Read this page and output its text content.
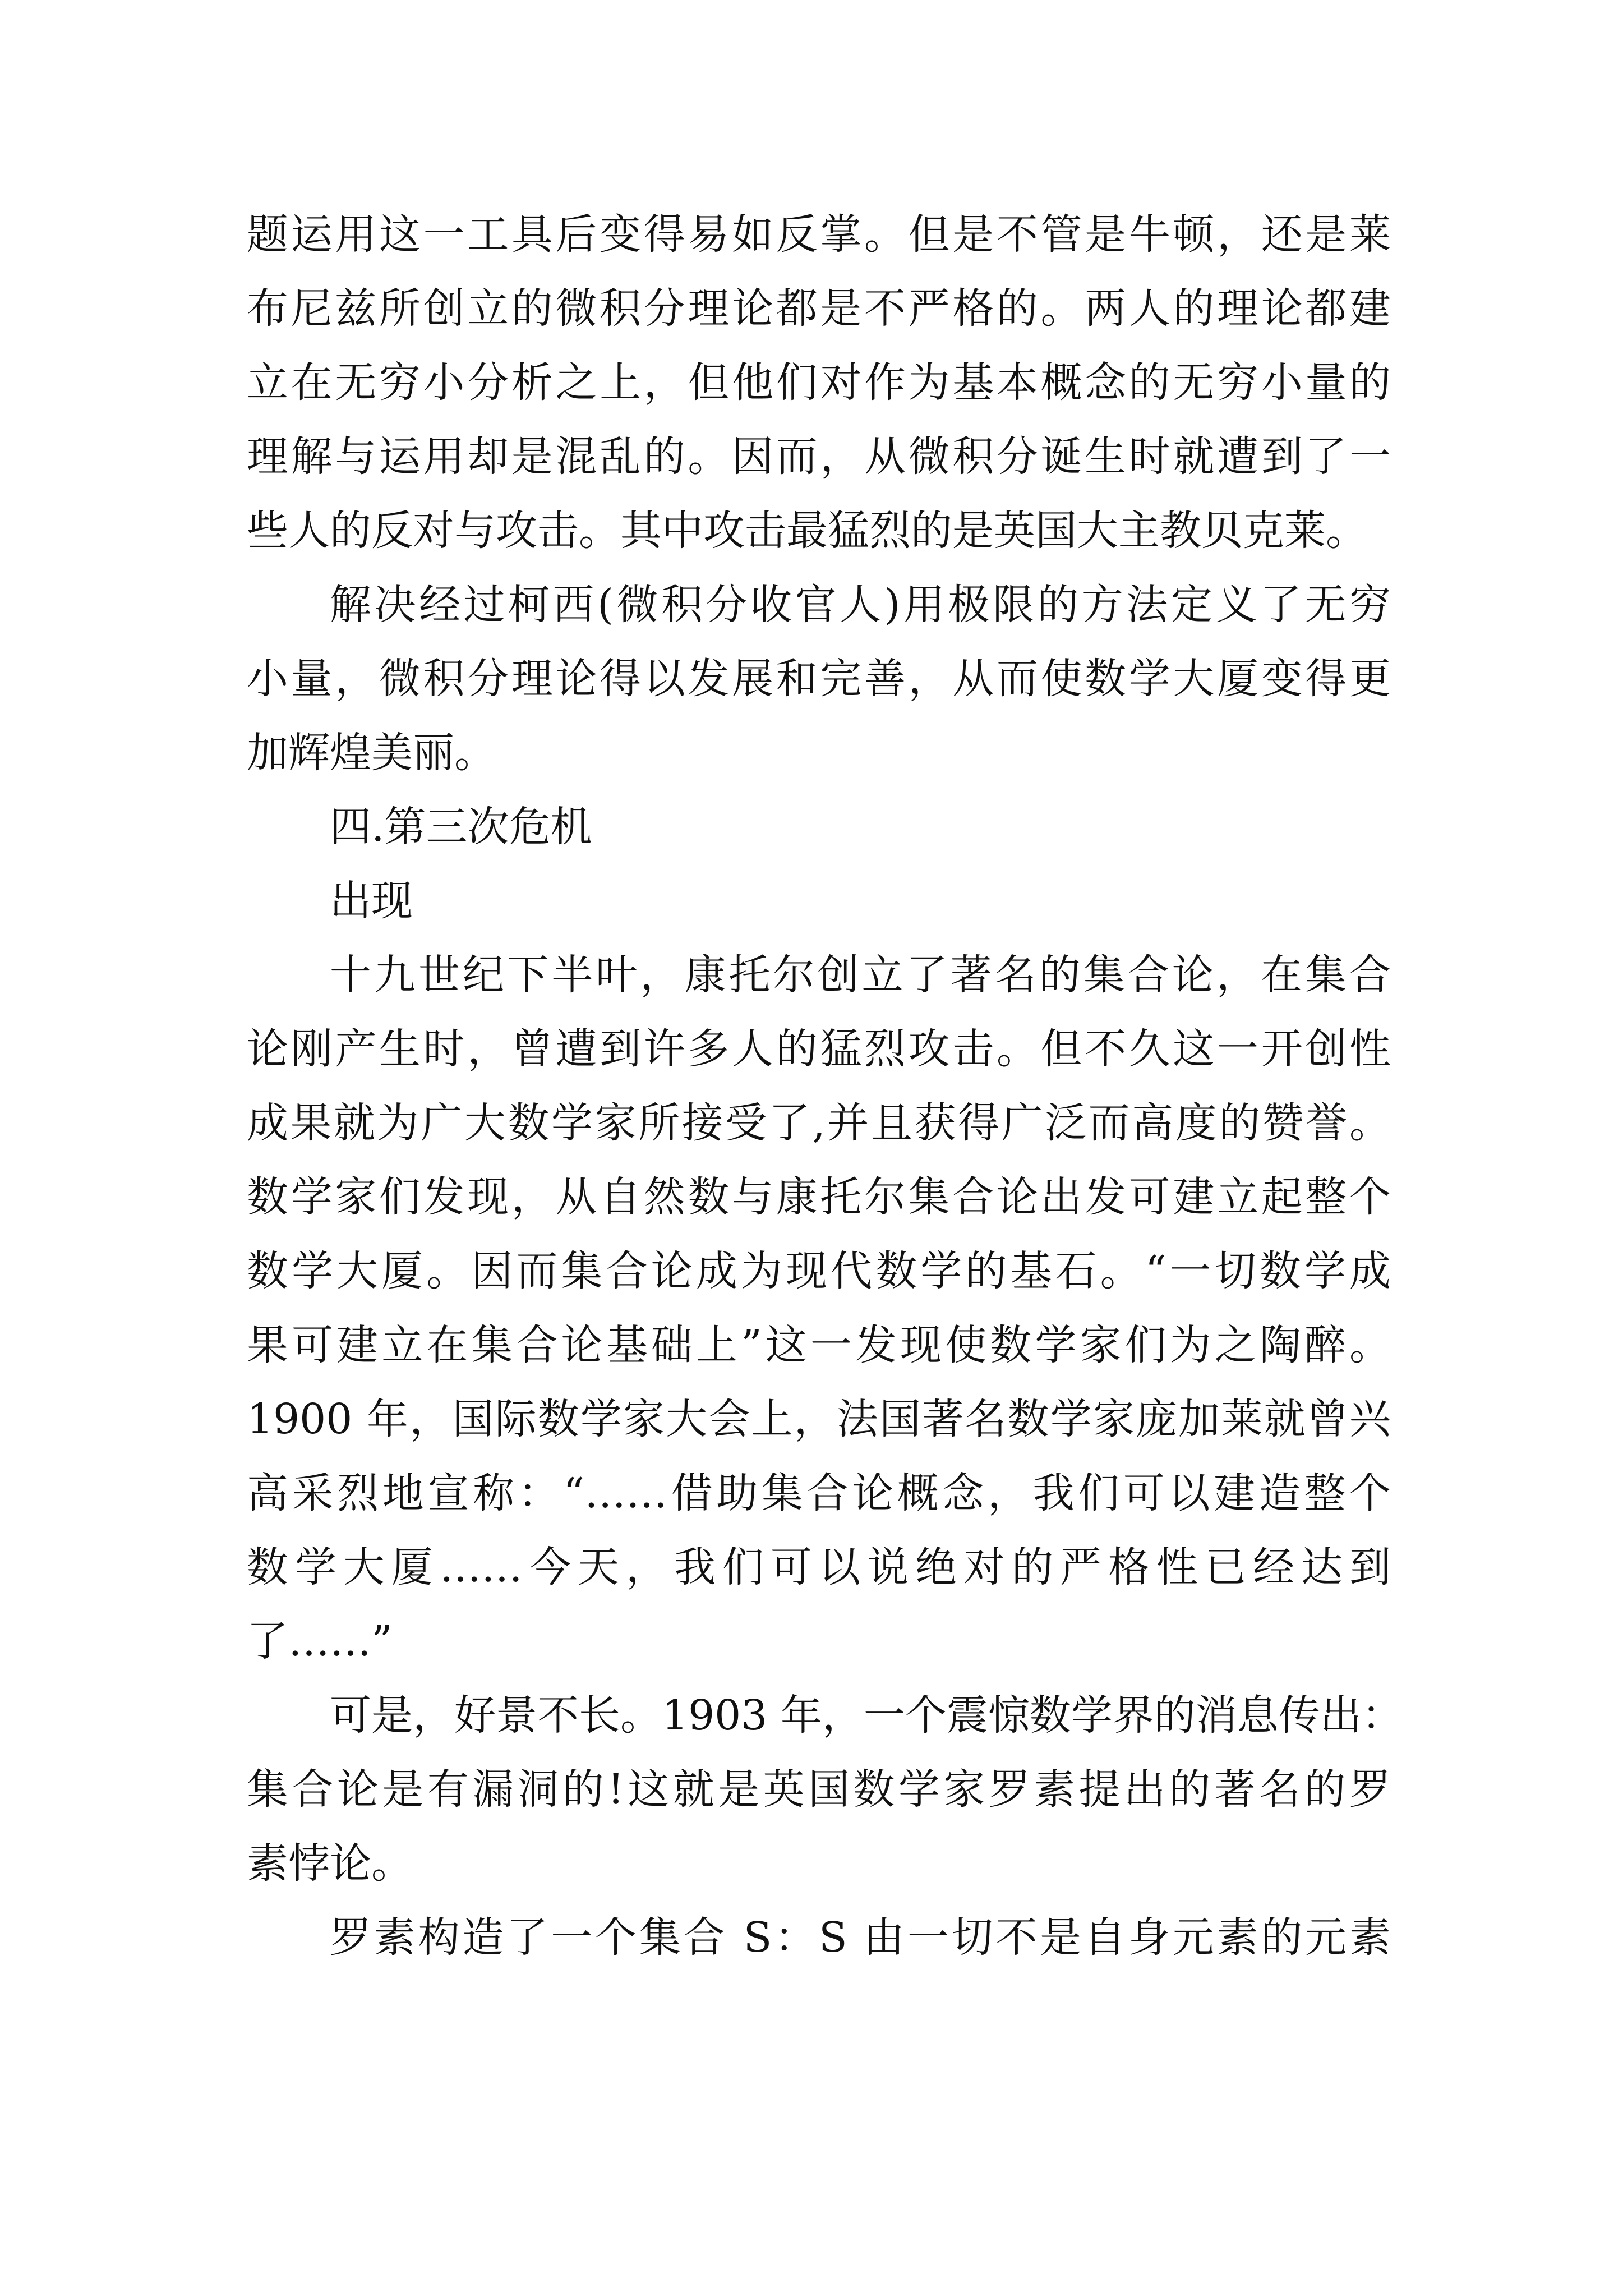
题运用这一工具后变得易如反掌。但是不管是牛顿，还是莱
布尼兹所创立的微积分理论都是不严格的。两人的理论都建
立在无穷小分析之上，但他们对作为基本概念的无穷小量的
理解与运用却是混乱的。因而，从微积分诞生时就遭到了一
些人的反对与攻击。其中攻击最猛烈的是英国大主教贝克莱。
解决经过柯西(微积分收官人)用极限的方法定义了无穷
小量，微积分理论得以发展和完善，从而使数学大厦变得更
加辉煌美丽。
四.第三次危机
出现
十九世纪下半叶，康托尔创立了著名的集合论，在集合
论刚产生时，曾遭到许多人的猛烈攻击。但不久这一开创性
成果就为广大数学家所接受了,并且获得广泛而高度的赞誉。
数学家们发现，从自然数与康托尔集合论出发可建立起整个
数学大厦。因而集合论成为现代数学的基石。“一切数学成
果可建立在集合论基础上”这一发现使数学家们为之陶醉。
1900 年，国际数学家大会上，法国著名数学家庞加莱就曾兴
高采烈地宣称：“……借助集合论概念，我们可以建造整个
数学大厦……今天，我们可以说绝对的严格性已经达到
了……”
可是，好景不长。1903 年，一个震惊数学界的消息传出：
集合论是有漏洞的!这就是英国数学家罗素提出的著名的罗
素悖论。
罗素构造了一个集合 S：S 由一切不是自身元素的元素
